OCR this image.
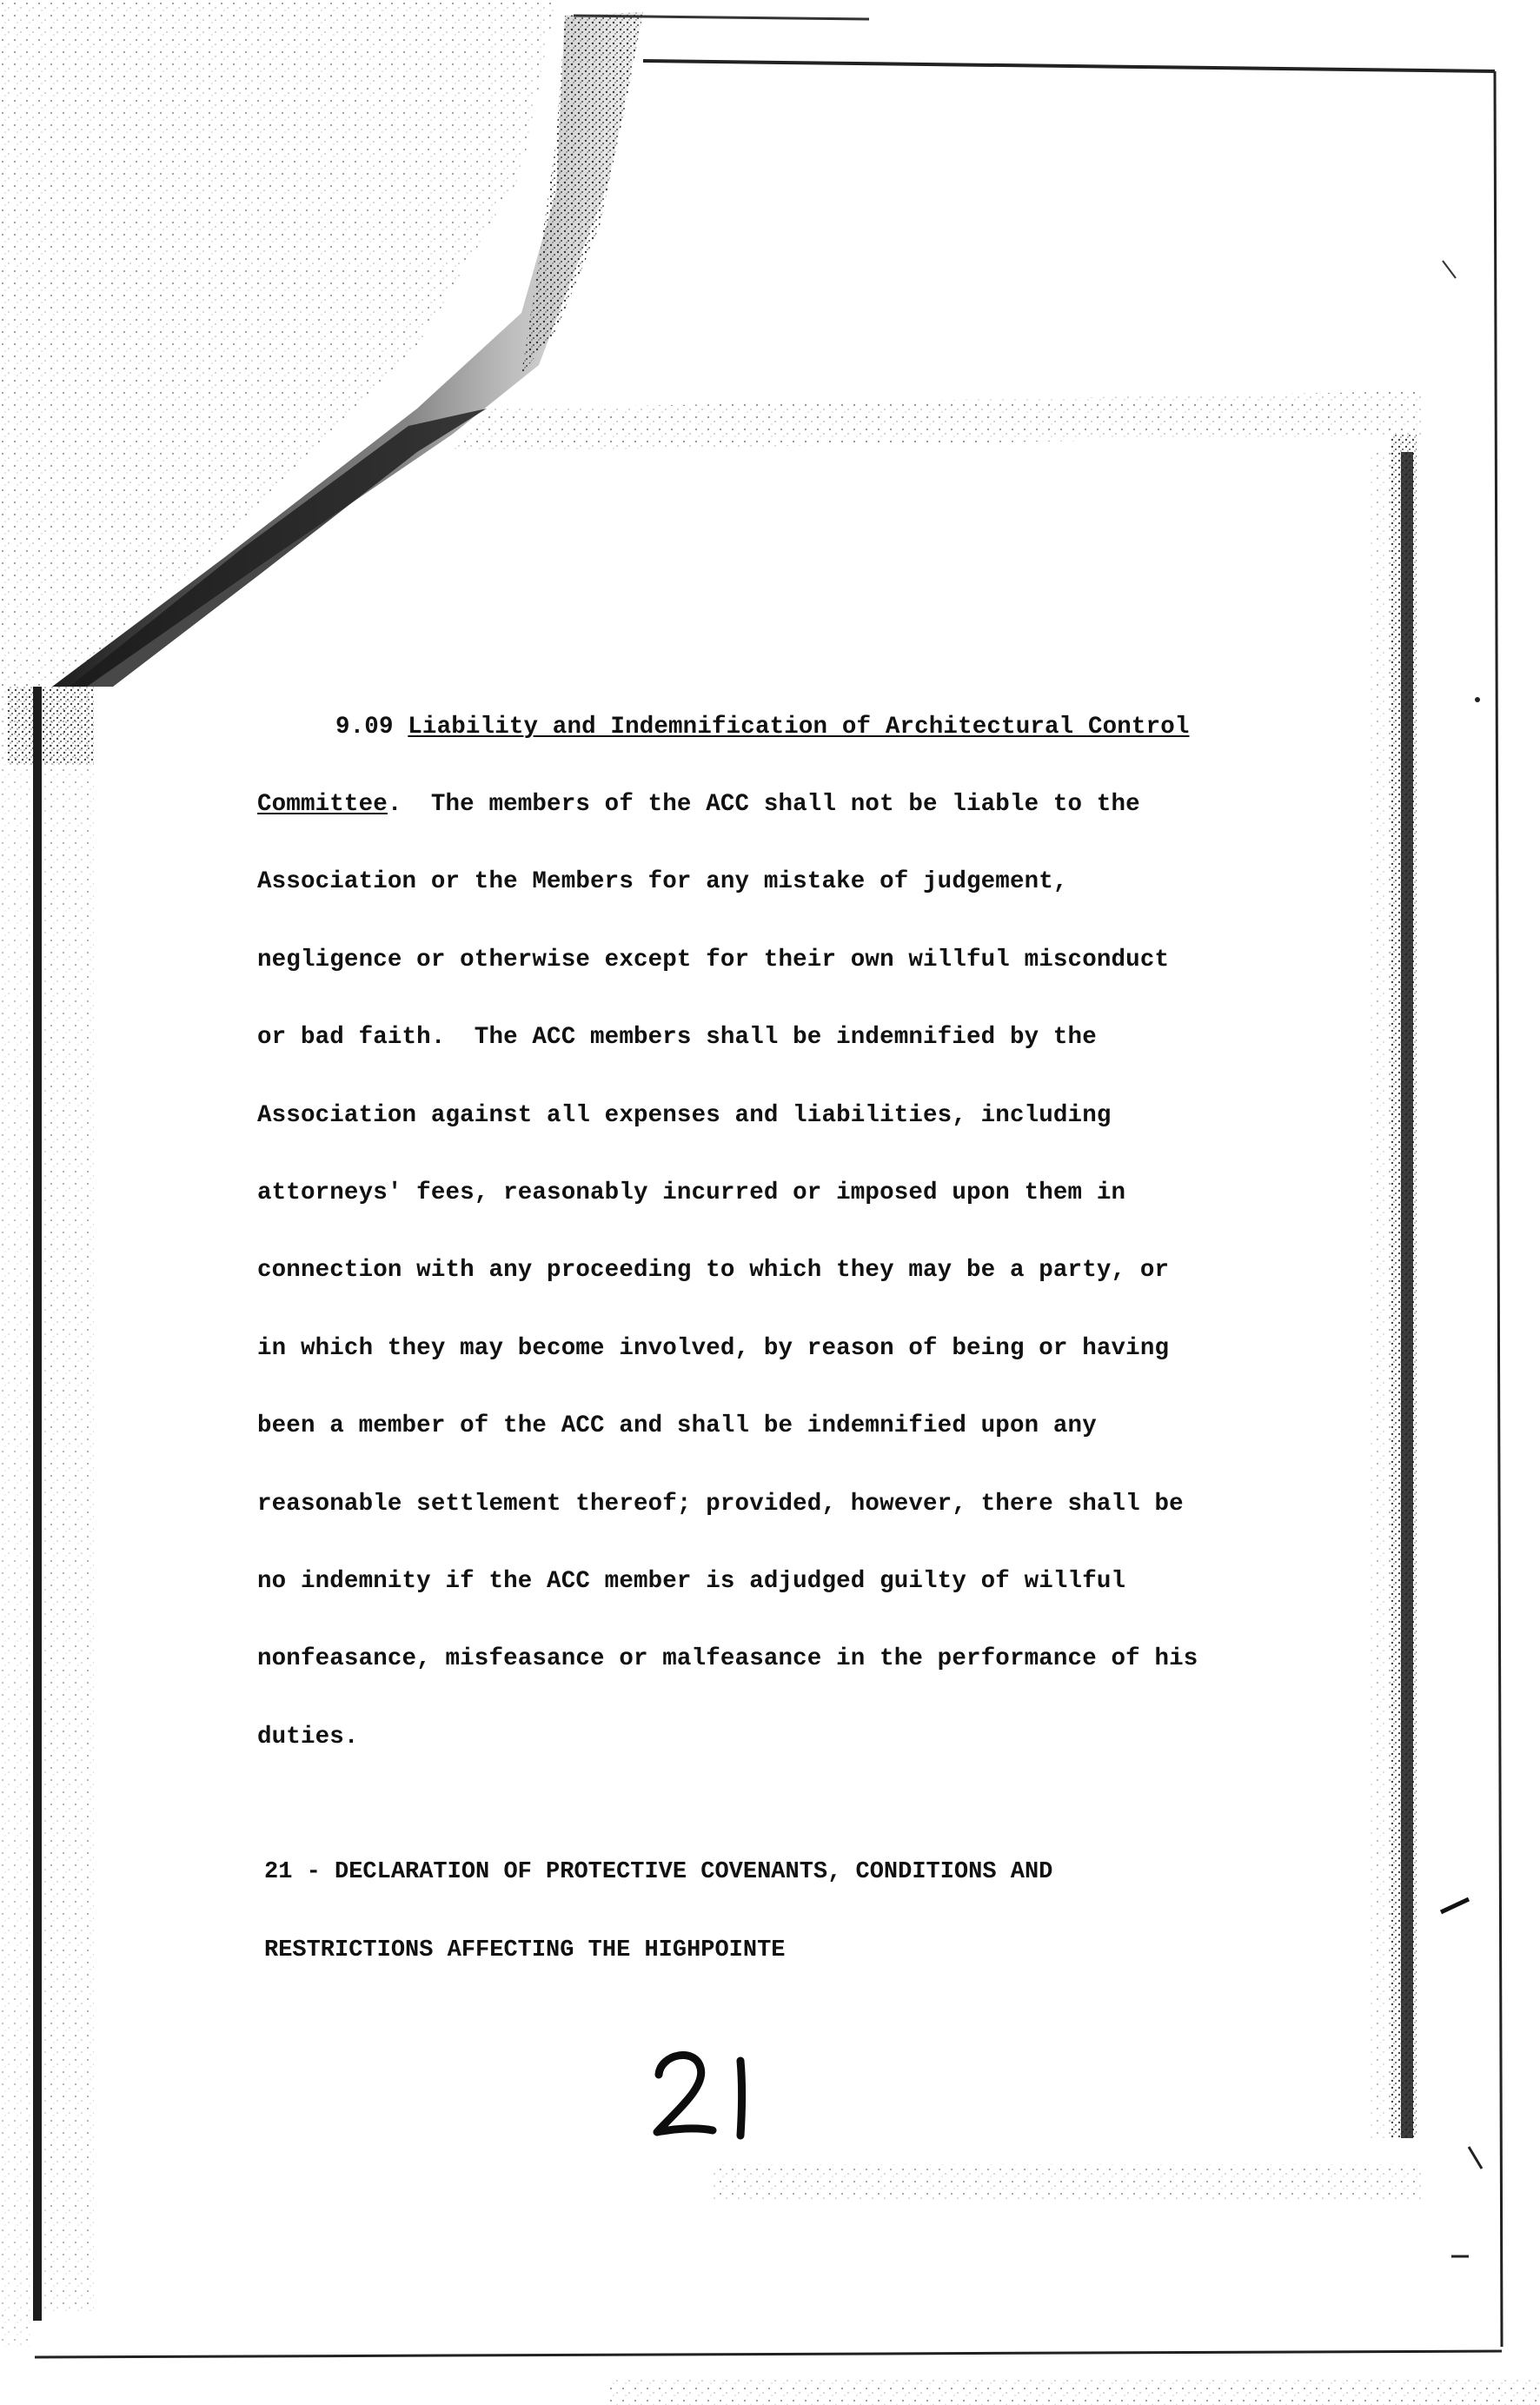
9.09 Liability and Indemnification of Architectural Control

Committee.  The members of the ACC shall not be liable to the

Association or the Members for any mistake of judgement,

negligence or otherwise except for their own willful misconduct

or bad faith.  The ACC members shall be indemnified by the

Association against all expenses and liabilities, including

attorneys' fees, reasonably incurred or imposed upon them in

connection with any proceeding to which they may be a party, or

in which they may become involved, by reason of being or having

been a member of the ACC and shall be indemnified upon any

reasonable settlement thereof; provided, however, there shall be

no indemnity if the ACC member is adjudged guilty of willful

nonfeasance, misfeasance or malfeasance in the performance of his

duties.

21 - DECLARATION OF PROTECTIVE COVENANTS, CONDITIONS AND

RESTRICTIONS AFFECTING THE HIGHPOINTE
